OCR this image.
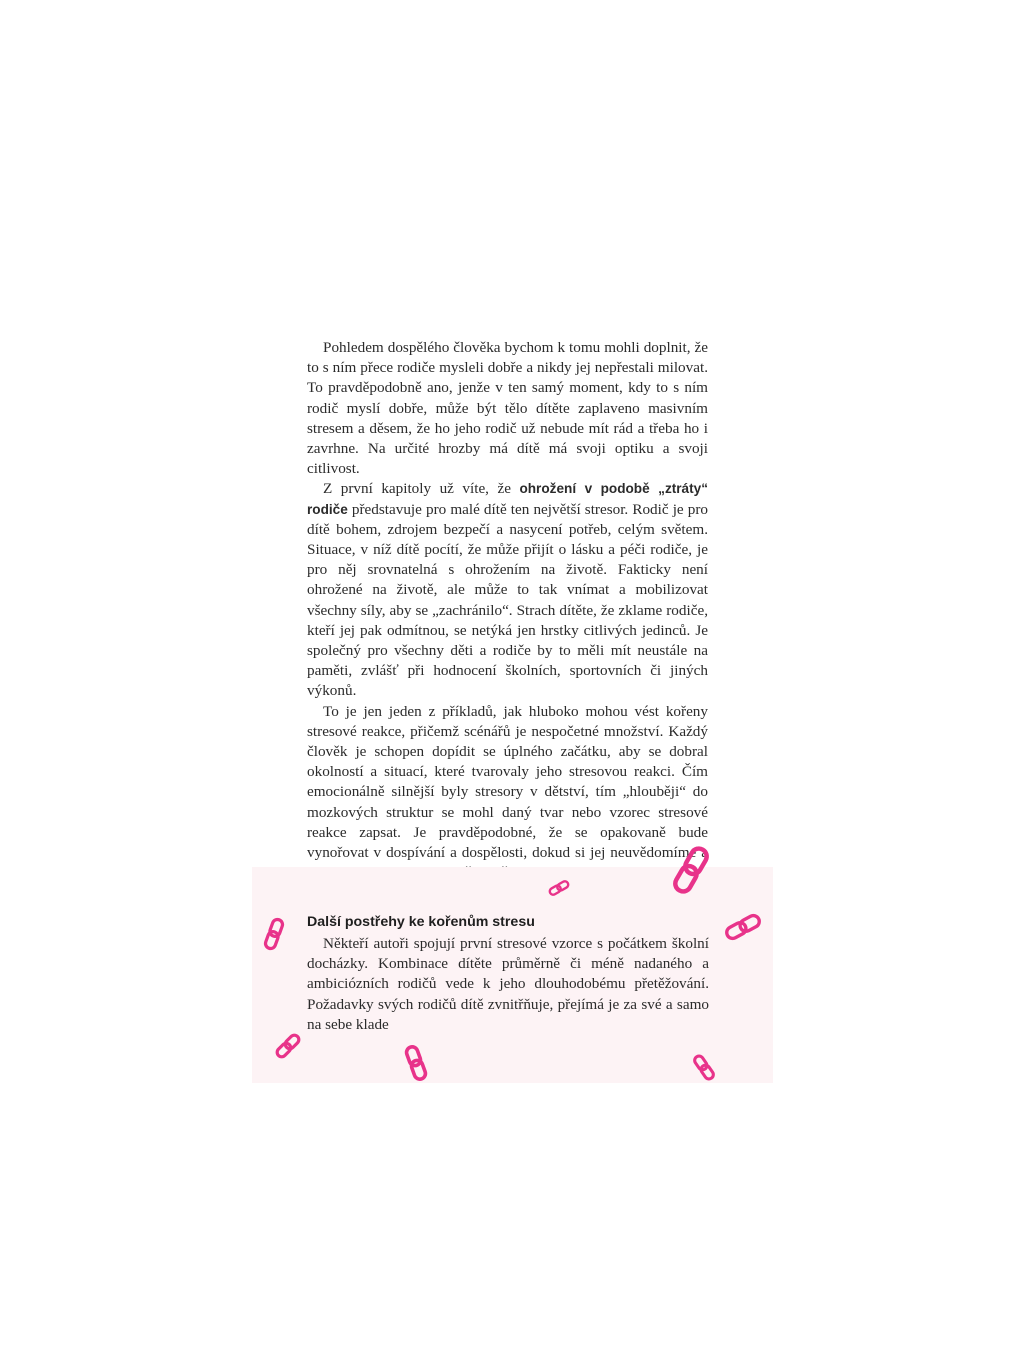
Pohledem dospělého člověka bychom k tomu mohli doplnit, že to s ním přece rodiče mysleli dobře a nikdy jej nepřestali milovat. To pravděpodobně ano, jenže v ten samý moment, kdy to s ním rodič myslí dobře, může být tělo dítěte zaplaveno masivním stresem a děsem, že ho jeho rodič už nebude mít rád a třeba ho i zavrhne. Na určité hrozby má dítě má svoji optiku a svoji citlivost.

Z první kapitoly už víte, že ohrožení v podobě „ztráty“ rodiče představuje pro malé dítě ten největší stresor. Rodič je pro dítě bohem, zdrojem bezpečí a nasycení potřeb, celým světem. Situace, v níž dítě pocítí, že může přijít o lásku a péči rodiče, je pro něj srovnatelná s ohrožením na životě. Fakticky není ohrožené na životě, ale může to tak vnímat a mobilizovat všechny síly, aby se „zachránilo“. Strach dítěte, že zklame rodiče, kteří jej pak odmítnou, se netýká jen hrstky citlivých jedinců. Je společný pro všechny děti a rodiče by to měli mít neustále na paměti, zvlášť při hodnocení školních, sportovních či jiných výkonů.

To je jen jeden z příkladů, jak hluboko mohou vést kořeny stresové reakce, přičemž scénářů je nespočetné množství. Každý člověk je schopen dopídit se úplného začátku, aby se dobral okolností a situací, které tvarovaly jeho stresovou reakci. Čím emocionálně silnější byly stresory v dětství, tím „hlouběji“ do mozkových struktur se mohl daný tvar nebo vzorec stresové reakce zapsat. Je pravděpodobné, že se opakovaně bude vynořovat v dospívání a dospělosti, dokud si jej neuvědomíme a

Další postřehy ke kořenům stresu

Někteří autoři spojují první stresové vzorce s počátkem školní docházky. Kombinace dítěte průměrně či méně nadaného a ambiciózních rodičů vede k jeho dlouhodobému přetěžování. Požadavky svých rodičů dítě zvnitřňuje, přejímá je za své a samo na sebe klade
